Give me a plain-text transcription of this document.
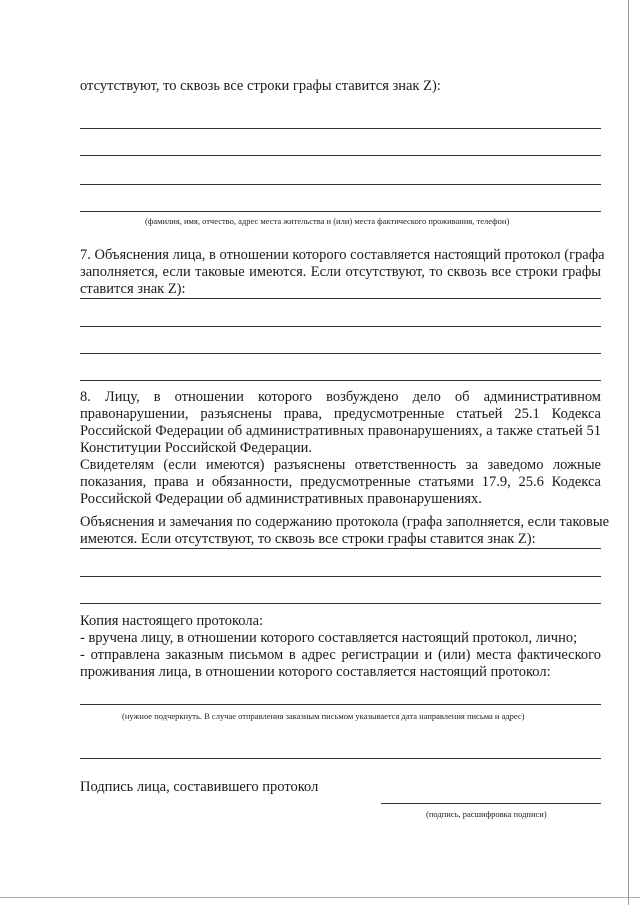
отсутствуют, то сквозь все строки графы ставится знак Z):
(фамилия, имя, отчество, адрес места жительства и (или) места фактического проживания, телефон)
7. Объяснения лица, в отношении которого составляется настоящий протокол (графа
заполняется, если таковые имеются. Если отсутствуют, то сквозь все строки графы
ставится знак Z):
8. Лицу, в отношении которого возбуждено дело об административном
правонарушении, разъяснены права, предусмотренные статьей 25.1 Кодекса
Российской Федерации об административных правонарушениях, а также статьей 51
Конституции Российской Федерации.
Свидетелям (если имеются) разъяснены ответственность за заведомо ложные
показания, права и обязанности, предусмотренные статьями 17.9, 25.6 Кодекса
Российской Федерации об административных правонарушениях.
Объяснения и замечания по содержанию протокола (графа заполняется, если таковые
имеются. Если отсутствуют, то сквозь все строки графы ставится знак Z):
Копия настоящего протокола:
- вручена лицу, в отношении которого составляется настоящий протокол, лично;
- отправлена заказным письмом в адрес регистрации и (или) места фактического
проживания лица, в отношении которого составляется настоящий протокол:
(нужное подчеркнуть. В случае отправления заказным письмом указывается дата направления письма и адрес)
Подпись лица, составившего протокол
(подпись, расшифровка подписи)
